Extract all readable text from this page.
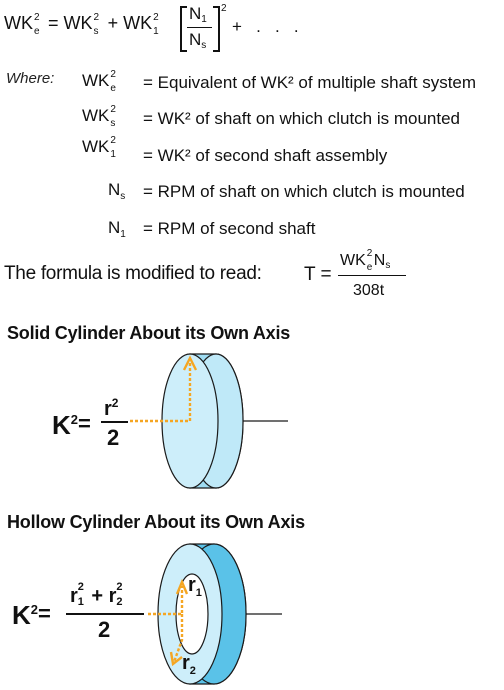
WK 2
e = WK 2
s + WK 2
1
N1
Ns
2
+   .   .   .
Where: WK 2
e = Equivalent of WK² of multiple shaft system
WK 2
s = WK² of shaft on which clutch is mounted
WK 2
1 = WK² of second shaft assembly
$N_s$ = RPM of shaft on which clutch is mounted
$N_1$ = RPM of second shaft
The formula is modified to read: T =
WK 2
e Ns
308t
Solid Cylinder About its Own Axis
Hollow Cylinder About its Own Axis
$K^2=$
$r^2$
2
$K^2=$
r 2
1 + r 2
2
2
$r_1$
$r_2$
